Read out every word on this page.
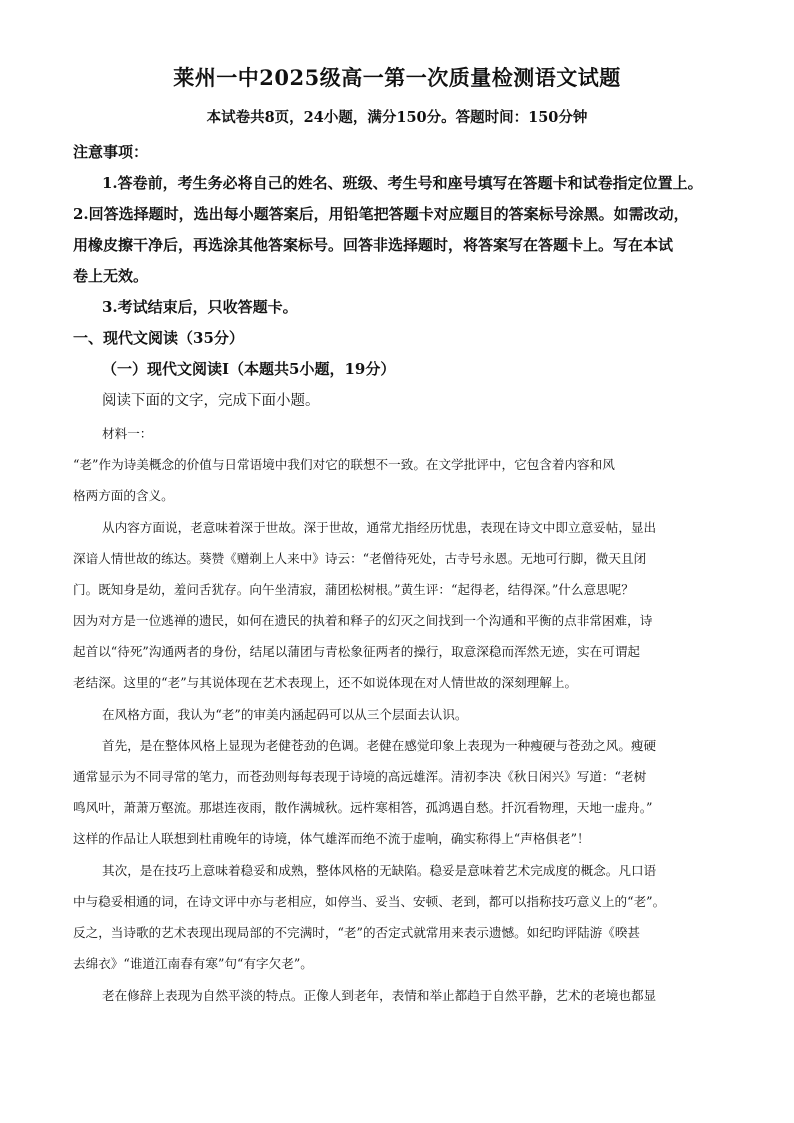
莱州一中2025级高一第一次质量检测语文试题
本试卷共8页，24小题，满分150分。答题时间：150分钟
注意事项：
1.答卷前，考生务必将自己的姓名、班级、考生号和座号填写在答题卡和试卷指定位置上。
2.回答选择题时，选出每小题答案后，用铅笔把答题卡对应题目的答案标号涂黑。如需改动，
用橡皮擦干净后，再选涂其他答案标号。回答非选择题时，将答案写在答题卡上。写在本试
卷上无效。
3.考试结束后，只收答题卡。
一、现代文阅读（35分）
（一）现代文阅读Ⅰ（本题共5小题，19分）
阅读下面的文字，完成下面小题。
材料一：
“老”作为诗美概念的价值与日常语境中我们对它的联想不一致。在文学批评中，它包含着内容和风
格两方面的含义。
从内容方面说，老意味着深于世故。深于世故，通常尤指经历忧患，表现在诗文中即立意妥帖，显出
深谙人情世故的练达。葵赞《赠剃上人来中》诗云：“老僧待死处，古寺号永恩。无地可行脚，微天且闭
门。既知身是幼，羞问舌犹存。向午坐清寂，蒲团松树根。”黄生评：“起得老，结得深。”什么意思呢？
因为对方是一位逃禅的遗民，如何在遗民的执着和释子的幻灭之间找到一个沟通和平衡的点非常困难，诗
起首以“待死”沟通两者的身份，结尾以蒲团与青松象征两者的操行，取意深稳而浑然无迹，实在可谓起
老结深。这里的“老”与其说体现在艺术表现上，还不如说体现在对人情世故的深刻理解上。
在风格方面，我认为“老”的审美内涵起码可以从三个层面去认识。
首先，是在整体风格上显现为老健苍劲的色调。老健在感觉印象上表现为一种瘦硬与苍劲之风。瘦硬
通常显示为不同寻常的笔力，而苍劲则每每表现于诗境的高远雄浑。清初李决《秋日闲兴》写道：“老树
鸣风叶，萧萧万壑流。那堪连夜雨，散作满城秋。远杵寒相答，孤鸿遇自愁。扦沉看物理，天地一虚舟。”
这样的作品让人联想到杜甫晚年的诗境，体气雄浑而绝不流于虚响，确实称得上“声格俱老”！
其次，是在技巧上意味着稳妥和成熟，整体风格的无缺陷。稳妥是意味着艺术完成度的概念。凡口语
中与稳妥相通的词，在诗文评中亦与老相应，如停当、妥当、安顿、老到，都可以指称技巧意义上的“老”。
反之，当诗歌的艺术表现出现局部的不完满时，“老”的否定式就常用来表示遗憾。如纪昀评陆游《暌甚
去绵衣》“谁道江南春有寒”句“有字欠老”。
老在修辞上表现为自然平淡的特点。正像人到老年，表情和举止都趋于自然平静，艺术的老境也都显
